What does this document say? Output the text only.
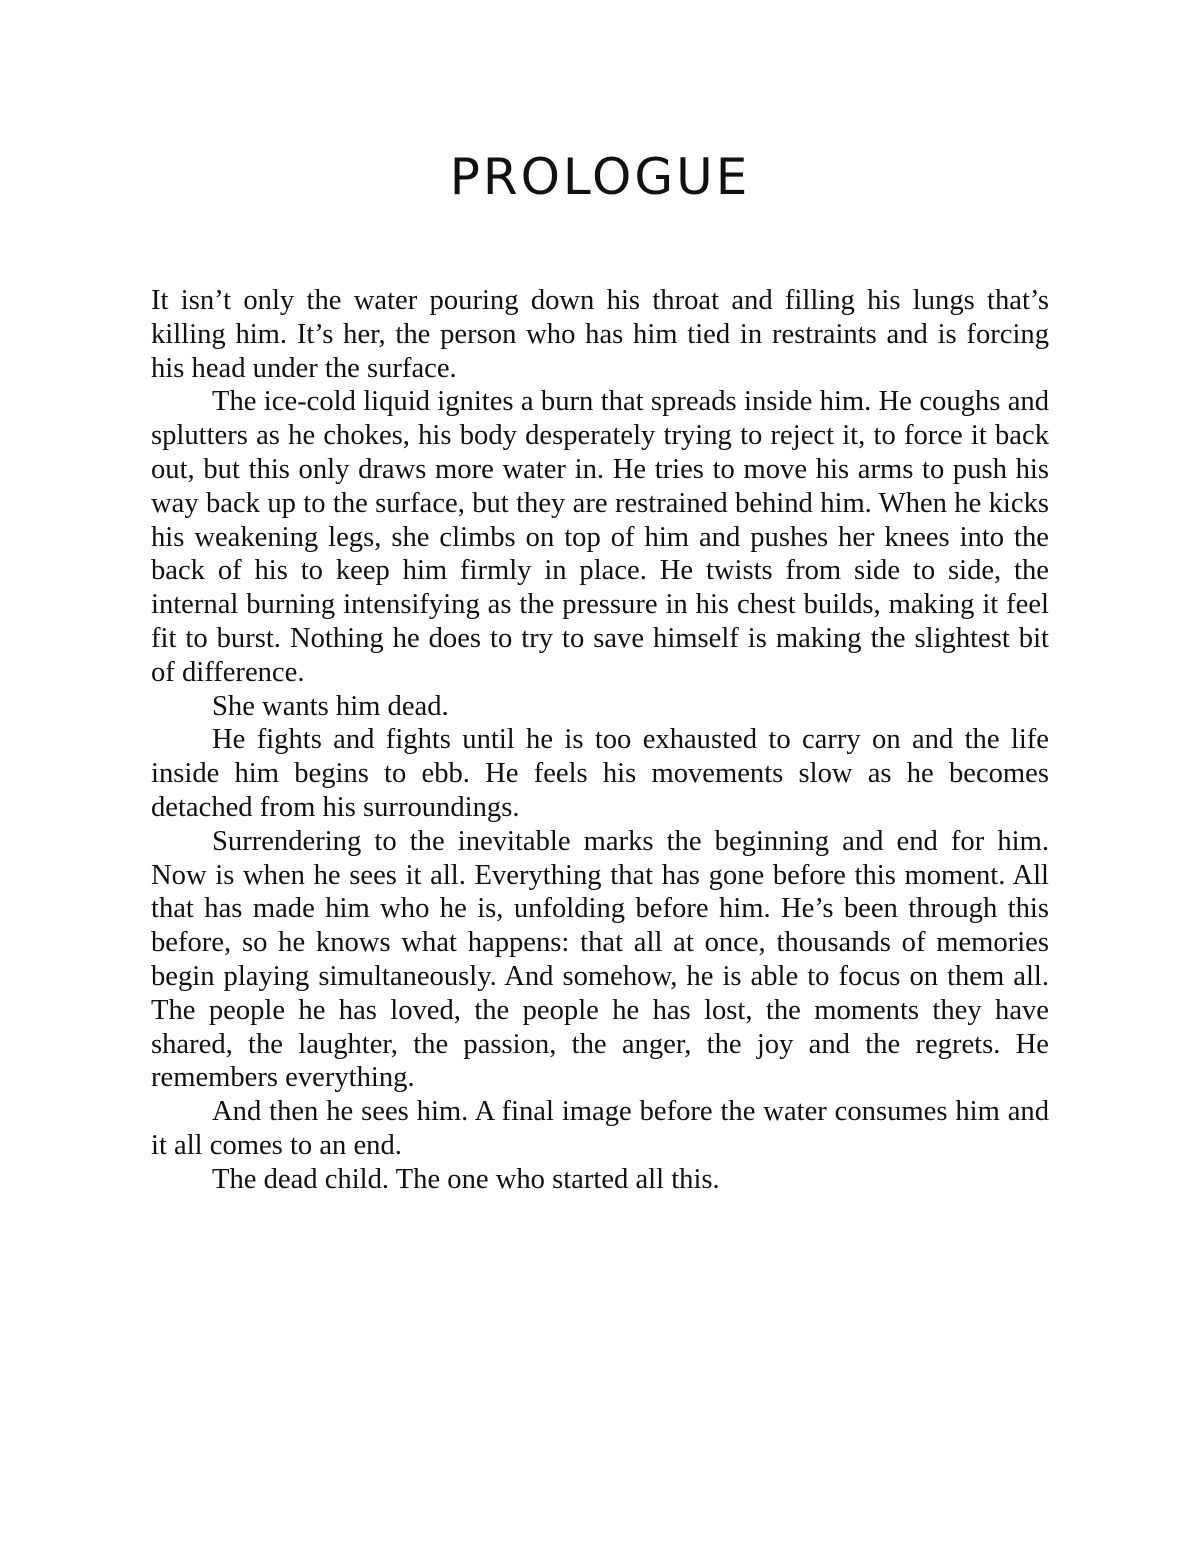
PROLOGUE

It isn’t only the water pouring down his throat and filling his lungs that’s killing him. It’s her, the person who has him tied in restraints and is forcing his head under the surface.

The ice-cold liquid ignites a burn that spreads inside him. He coughs and splutters as he chokes, his body desperately trying to reject it, to force it back out, but this only draws more water in. He tries to move his arms to push his way back up to the surface, but they are restrained behind him. When he kicks his weakening legs, she climbs on top of him and pushes her knees into the back of his to keep him firmly in place. He twists from side to side, the internal burning intensifying as the pressure in his chest builds, making it feel fit to burst. Nothing he does to try to save himself is making the slightest bit of difference.

She wants him dead.

He fights and fights until he is too exhausted to carry on and the life inside him begins to ebb. He feels his movements slow as he becomes detached from his surroundings.

Surrendering to the inevitable marks the beginning and end for him. Now is when he sees it all. Everything that has gone before this moment. All that has made him who he is, unfolding before him. He’s been through this before, so he knows what happens: that all at once, thousands of memories begin playing simultaneously. And somehow, he is able to focus on them all. The people he has loved, the people he has lost, the moments they have shared, the laughter, the passion, the anger, the joy and the regrets. He remembers everything.

And then he sees him. A final image before the water consumes him and it all comes to an end.

The dead child. The one who started all this.
